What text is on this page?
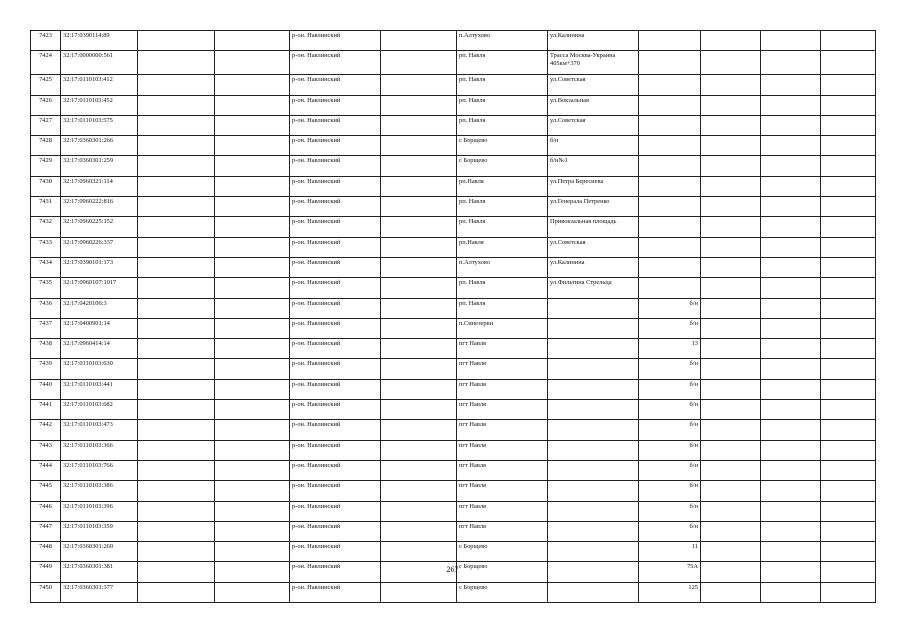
7423	32:17:0390114:89			р-он. Навлинский		п.Алтухово	ул.Калинина				
7424	32:17:0000000:561			р-он. Навлинский		рп. Навля	Трасса Москва-Украина 405км+370				
7425	32:17:0110103:412			р-он. Навлинский		рп. Навля	ул.Советская				
7426	32:17:0110103:452			р-он. Навлинский		рп. Навля	ул.Вокзальная				
7427	32:17:0110103:575			р-он. Навлинский		рп. Навля	ул.Советская				
7428	32:17:0360301:266			р-он. Навлинский		с Борщево	б/н				
7429	32:17:0360301:259			р-он. Навлинский		с Борщево	б/н№1				
7430	32:17:0960321:114			р-он. Навлинский		рп.Навля	ул.Петра Бересиева				
7431	32:17:0960222:816			р-он. Навлинский		рп. Навля	ул.Генерала Петренко				
7432	32:17:0960225:152			р-он. Навлинский		рп. Навля	Привокзальная площадь				
7433	32:17:0960226:337			р-он. Навлинский		рп.Навля	ул.Советская				
7434	32:17:0390101:173			р-он. Навлинский		п.Алтухово	ул.Калинина				
7435	32:17:0960107:1017			р-он. Навлинский		рп. Навля	ул.Фильтина Стрельца				
7436	32:17:0420106:3			р-он. Навлинский		рп. Навля		б/н			
7437	32:17:0400901:14			р-он. Навлинский		п.Синезерки		б/н			
7438	32:17:0960414:14			р-он. Навлинский		пгт Навля		13			
7439	32:17:0110103:630			р-он. Навлинский		пгт Навля		б/н			
7440	32:17:0110103:441			р-он. Навлинский		пгт Навля		б/н			
7441	32:17:0110103:682			р-он. Навлинский		пгт Навля		б/н			
7442	32:17:0110103:473			р-он. Навлинский		пгт Навля		б/н			
7443	32:17:0110103:366			р-он. Навлинский		пгт Навля		б/н			
7444	32:17:0110103:766			р-он. Навлинский		пгт Навля		б/н			
7445	32:17:0110103:386			р-он. Навлинский		пгт Навля		б/н			
7446	32:17:0110103:396			р-он. Навлинский		пгт Навля		б/н			
7447	32:17:0110103:359			р-он. Навлинский		пгт Навля		б/н			
7448	32:17:0360301:260			р-он. Навлинский		с Борщево		11			
7449	32:17:0360301:381			р-он. Навлинский		с Борщево		75А			
7450	32:17:0360301:377			р-он. Навлинский		с Борщево		125			
267
